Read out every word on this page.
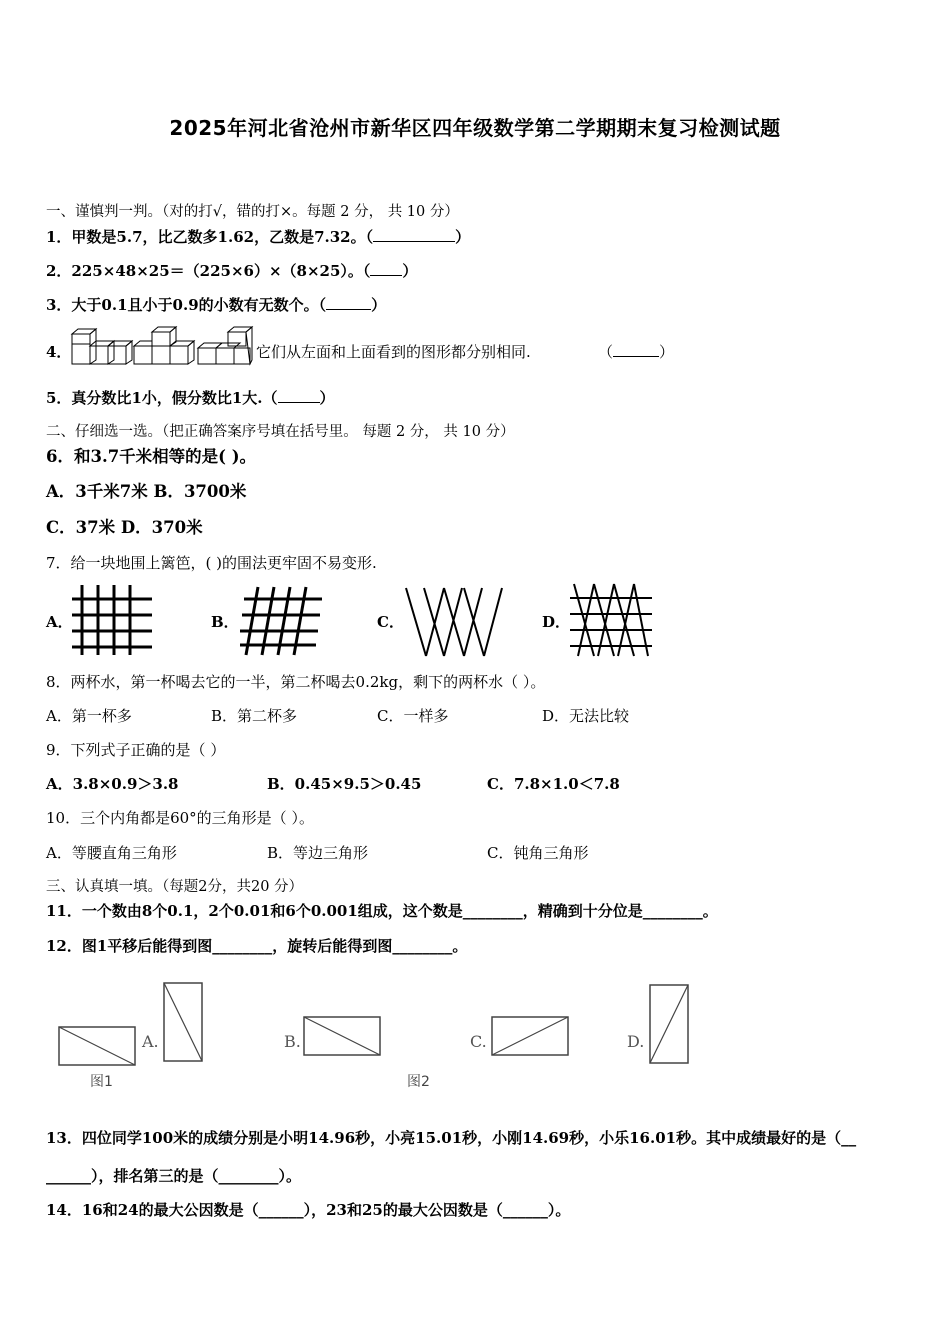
2025年河北省沧州市新华区四年级数学第二学期期末复习检测试题
一、谨慎判一判。（对的打√，错的打×。每题 2 分， 共 10 分）
1．甲数是5.7，比乙数多1.62，乙数是7.32。（	）
2．225×48×25＝（225×6）×（8×25）。（ ）
3．大于0.1且小于0.9的小数有无数个。（	）
4．	它们从左面和上面看到的图形都分别相同.	（	）
5．真分数比1小，假分数比1大.（	）
二、仔细选一选。（把正确答案序号填在括号里。 每题 2 分， 共 10 分）
6．和3.7千米相等的是( )。
A．3千米7米 B．3700米
C．37米 D．370米
7．给一块地围上篱笆，( )的围法更牢固不易变形.
A．	B．	C．	D．
8．两杯水，第一杯喝去它的一半，第二杯喝去0.2kg，剩下的两杯水（ ）。
A．第一杯多	B．第二杯多	C．一样多	D．无法比较
9．下列式子正确的是（ ）
A．3.8×0.9＞3.8	B．0.45×9.5＞0.45	C．7.8×1.0＜7.8
10．三个内角都是60°的三角形是（ ）。
A．等腰直角三角形	B．等边三角形	C．钝角三角形
三、认真填一填。（每题2分，共20 分）
11．一个数由8个0.1，2个0.01和6个0.001组成，这个数是________，精确到十分位是________。
12．图1平移后能得到图________，旋转后能得到图________。
图1
A.	B.	C.
图2
D.
13．四位同学100米的成绩分别是小明14.96秒，小亮15.01秒，小刚14.69秒，小乐16.01秒。其中成绩最好的是（__
______），排名第三的是（________）。
14．16和24的最大公因数是（______），23和25的最大公因数是（______）。
